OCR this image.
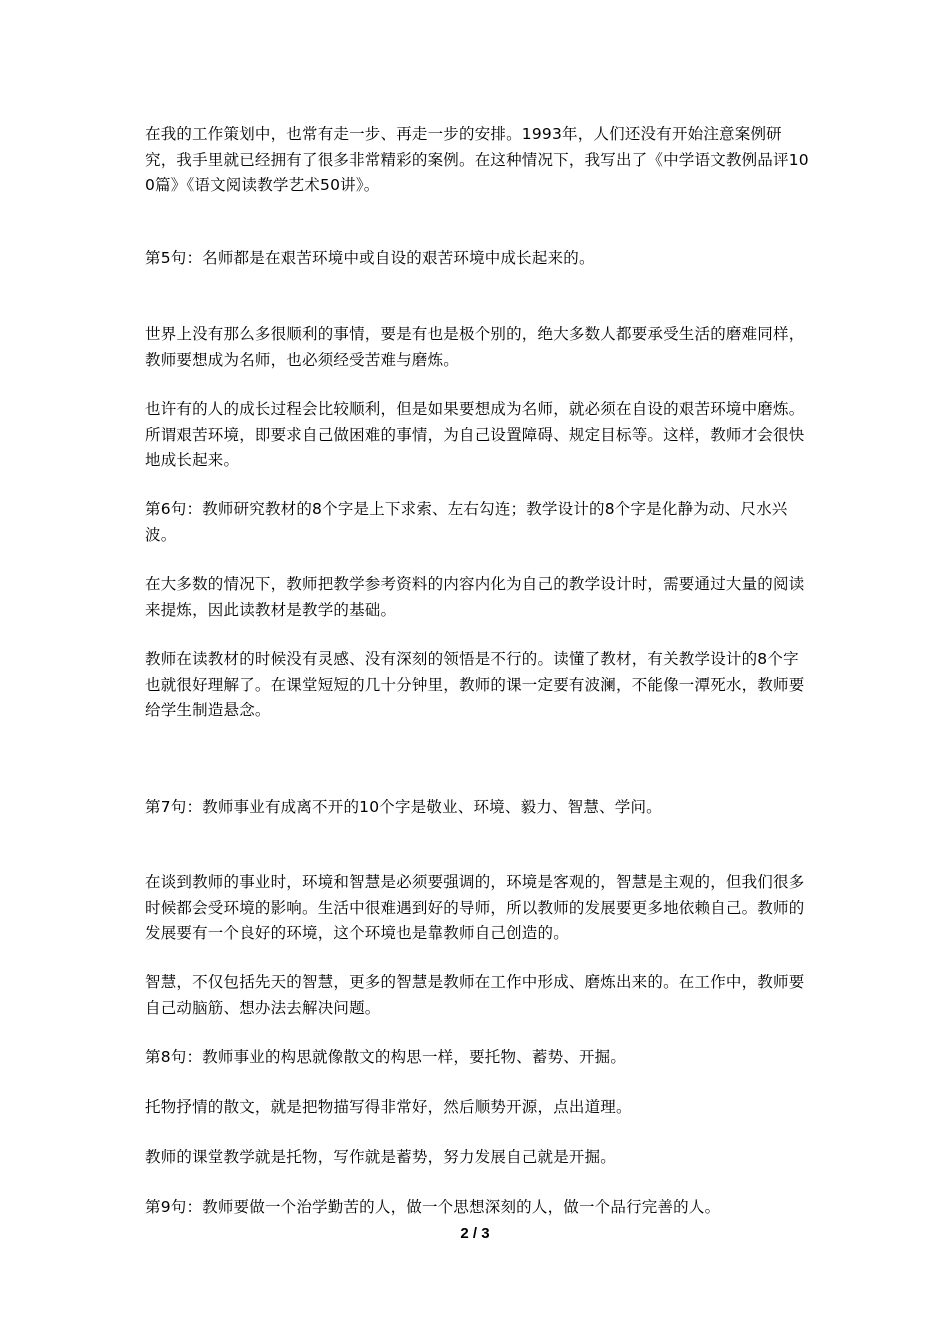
在我的工作策划中，也常有走一步、再走一步的安排。1993年，人们还没有开始注意案例研究，我手里就已经拥有了很多非常精彩的案例。在这种情况下，我写出了《中学语文教例品评100篇》《语文阅读教学艺术50讲》。

第5句：名师都是在艰苦环境中或自设的艰苦环境中成长起来的。

世界上没有那么多很顺利的事情，要是有也是极个别的，绝大多数人都要承受生活的磨难同样，教师要想成为名师，也必须经受苦难与磨炼。

也许有的人的成长过程会比较顺利，但是如果要想成为名师，就必须在自设的艰苦环境中磨炼。所谓艰苦环境，即要求自己做困难的事情，为自己设置障碍、规定目标等。这样，教师才会很快地成长起来。

第6句：教师研究教材的8个字是上下求索、左右勾连；教学设计的8个字是化静为动、尺水兴波。

在大多数的情况下，教师把教学参考资料的内容内化为自己的教学设计时，需要通过大量的阅读来提炼，因此读教材是教学的基础。

教师在读教材的时候没有灵感、没有深刻的领悟是不行的。读懂了教材，有关教学设计的8个字也就很好理解了。在课堂短短的几十分钟里，教师的课一定要有波澜，不能像一潭死水，教师要给学生制造悬念。

第7句：教师事业有成离不开的10个字是敬业、环境、毅力、智慧、学问。

在谈到教师的事业时，环境和智慧是必须要强调的，环境是客观的，智慧是主观的，但我们很多时候都会受环境的影响。生活中很难遇到好的导师，所以教师的发展要更多地依赖自己。教师的发展要有一个良好的环境，这个环境也是靠教师自己创造的。

智慧，不仅包括先天的智慧，更多的智慧是教师在工作中形成、磨炼出来的。在工作中，教师要自己动脑筋、想办法去解决问题。

第8句：教师事业的构思就像散文的构思一样，要托物、蓄势、开掘。

托物抒情的散文，就是把物描写得非常好，然后顺势开源，点出道理。

教师的课堂教学就是托物，写作就是蓄势，努力发展自己就是开掘。

第9句：教师要做一个治学勤苦的人，做一个思想深刻的人，做一个品行完善的人。

2 / 3
